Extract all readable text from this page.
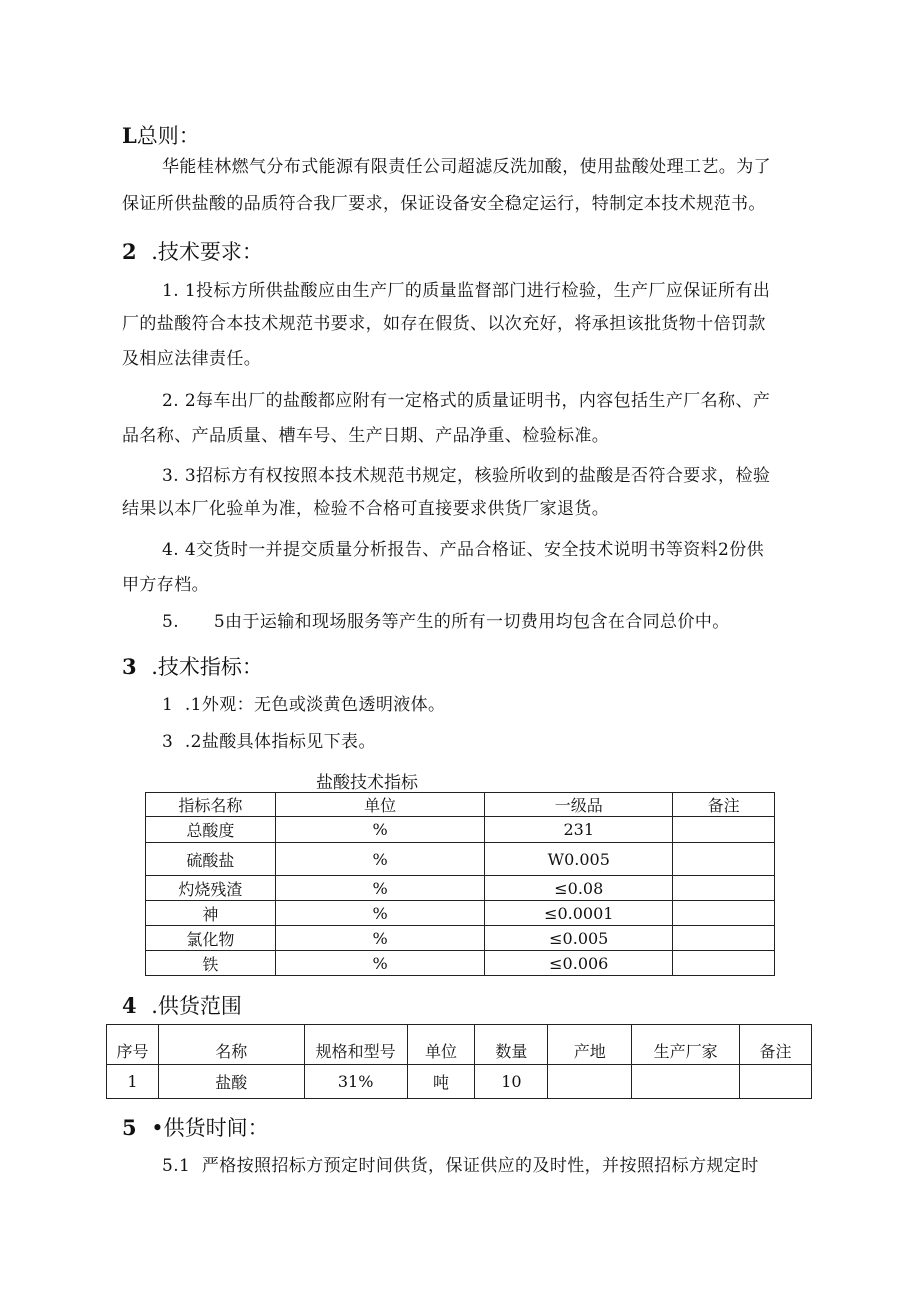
L总则：
华能桂林燃气分布式能源有限责任公司超滤反洗加酸，使用盐酸处理工艺。为了
保证所供盐酸的品质符合我厂要求，保证设备安全稳定运行，特制定本技术规范书。
2 .技术要求：
1. 1投标方所供盐酸应由生产厂的质量监督部门进行检验，生产厂应保证所有出
厂的盐酸符合本技术规范书要求，如存在假货、以次充好，将承担该批货物十倍罚款
及相应法律责任。
2. 2每车出厂的盐酸都应附有一定格式的质量证明书，内容包括生产厂名称、产
品名称、产品质量、槽车号、生产日期、产品净重、检验标准。
3. 3招标方有权按照本技术规范书规定，核验所收到的盐酸是否符合要求，检验
结果以本厂化验单为准，检验不合格可直接要求供货厂家退货。
4. 4交货时一并提交质量分析报告、产品合格证、安全技术说明书等资料2份供
甲方存档。
5.      5由于运输和现场服务等产生的所有一切费用均包含在合同总价中。
3 .技术指标：
1  .1外观：无色或淡黄色透明液体。
3  .2盐酸具体指标见下表。
盐酸技术指标
指标名称	单位	一级品	备注
总酸度	%	231	
硫酸盐	%	W0.005	
灼烧残渣	%	≤0.08	
神	%	≤0.0001	
氯化物	%	≤0.005	
铁	%	≤0.006	
4 .供货范围
序号	名称	规格和型号	单位	数量	产地	生产厂家	备注
1	盐酸	31%	吨	10			
5 •供货时间：
5.1  严格按照招标方预定时间供货，保证供应的及时性，并按照招标方规定时
